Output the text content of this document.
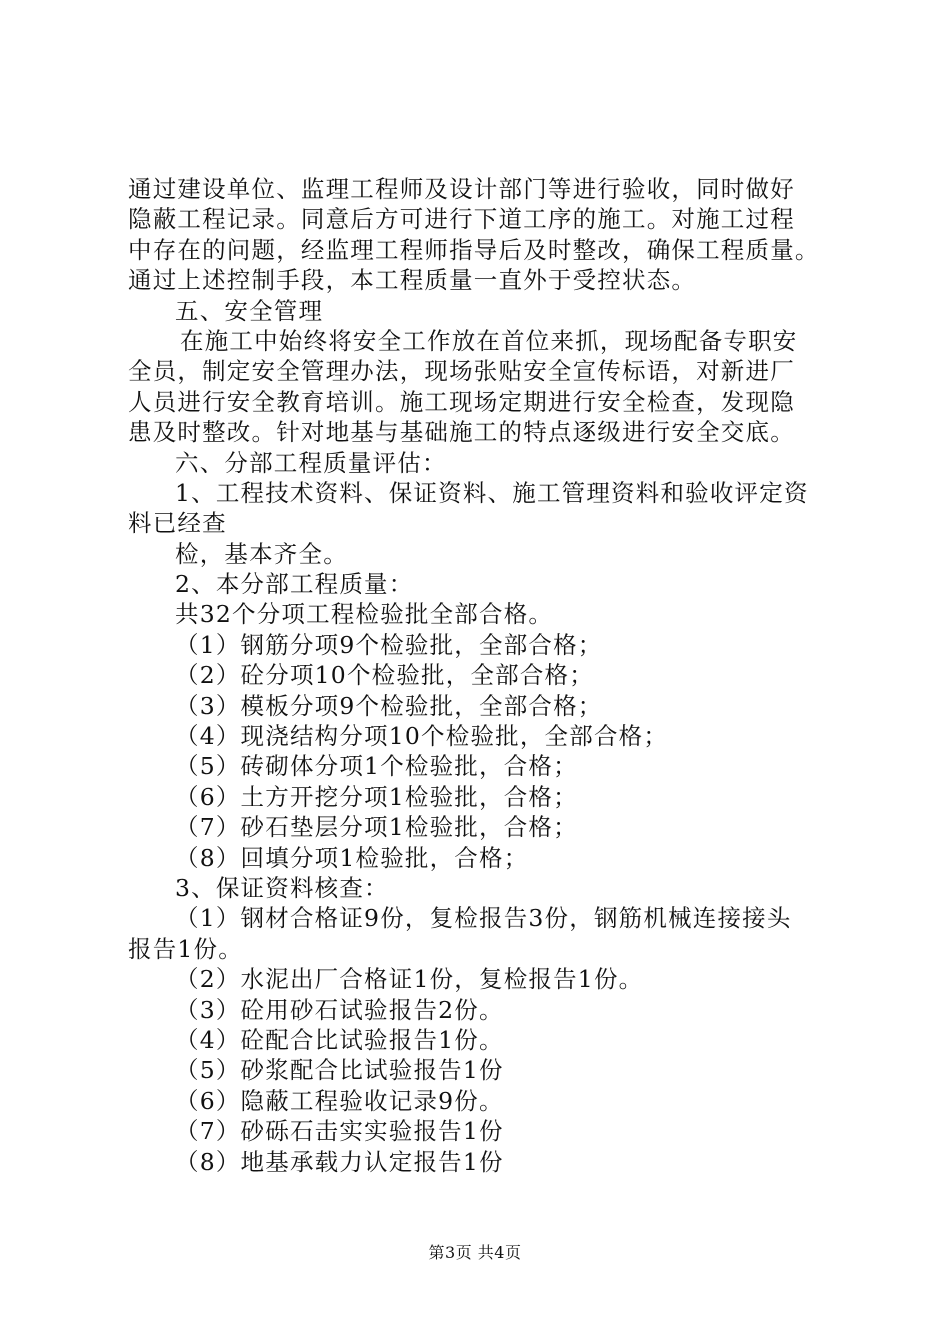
通过建设单位、监理工程师及设计部门等进行验收，同时做好
隐蔽工程记录。同意后方可进行下道工序的施工。对施工过程
中存在的问题，经监理工程师指导后及时整改，确保工程质量。
通过上述控制手段，本工程质量一直外于受控状态。
五、安全管理
在施工中始终将安全工作放在首位来抓，现场配备专职安
全员，制定安全管理办法，现场张贴安全宣传标语，对新进厂
人员进行安全教育培训。施工现场定期进行安全检查，发现隐
患及时整改。针对地基与基础施工的特点逐级进行安全交底。
六、分部工程质量评估：
1、工程技术资料、保证资料、施工管理资料和验收评定资
料已经查
检，基本齐全。
2、本分部工程质量：
共32个分项工程检验批全部合格。
（1）钢筋分项9个检验批，全部合格；
（2）砼分项10个检验批，全部合格；
（3）模板分项9个检验批，全部合格；
（4）现浇结构分项10个检验批，全部合格；
（5）砖砌体分项1个检验批，合格；
（6）土方开挖分项1检验批，合格；
（7）砂石垫层分项1检验批，合格；
（8）回填分项1检验批，合格；
3、保证资料核查：
（1）钢材合格证9份，复检报告3份，钢筋机械连接接头
报告1份。
（2）水泥出厂合格证1份，复检报告1份。
（3）砼用砂石试验报告2份。
（4）砼配合比试验报告1份。
（5）砂浆配合比试验报告1份
（6）隐蔽工程验收记录9份。
（7）砂砾石击实实验报告1份
（8）地基承载力认定报告1份
第3页 共4页
